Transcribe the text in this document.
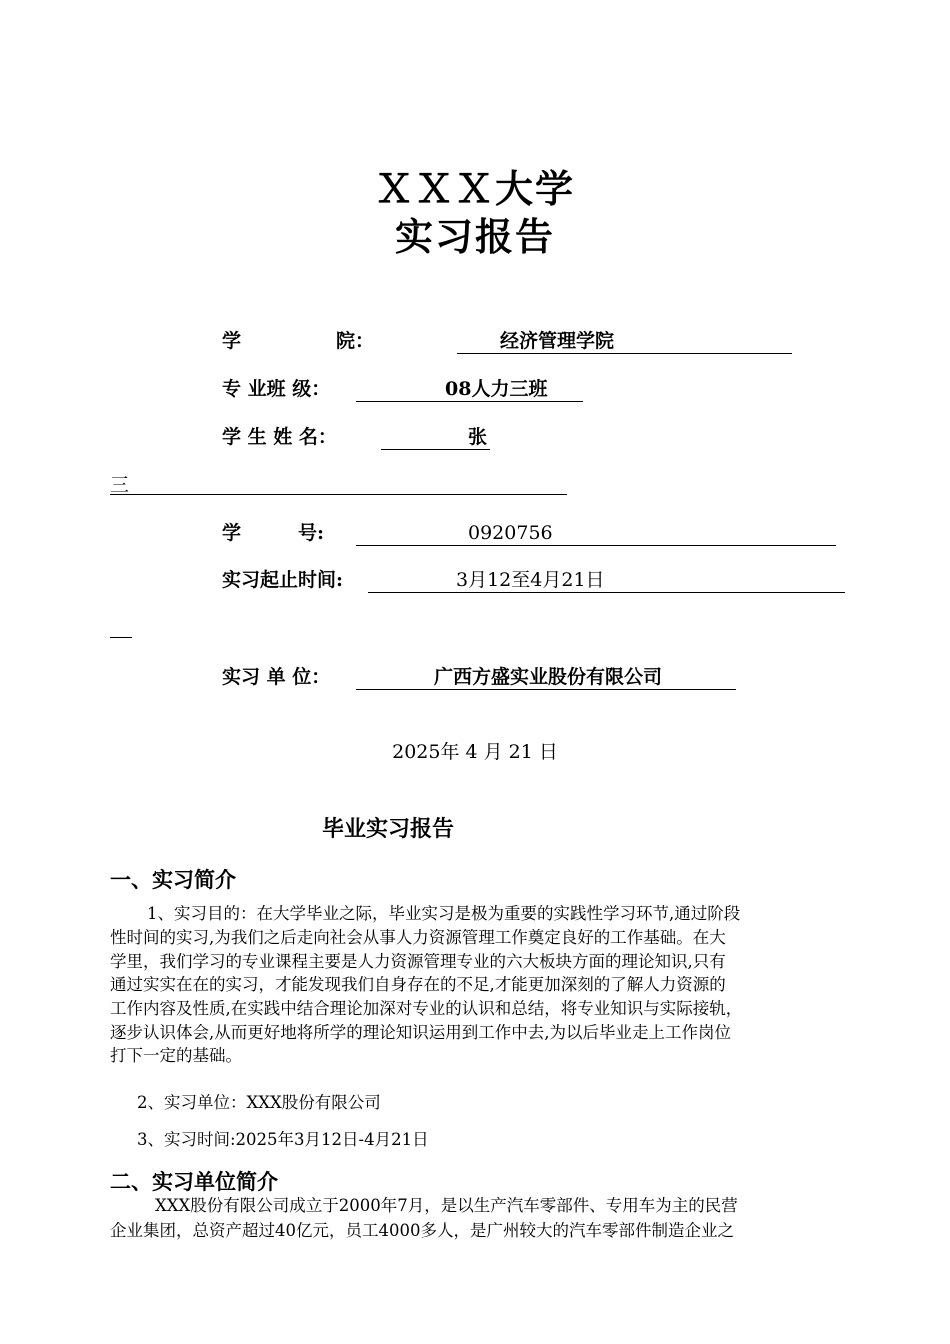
ＸＸＸ大学
实习报告
学　　　　　院：	经济管理学院
专 业班 级：	08人力三班
学 生 姓 名：	张
三
学　　　号:	0920756
实习起止时间:	3月12至4月21日
实习 单 位：	广西方盛实业股份有限公司
2025年 4 月 21 日
毕业实习报告
一、实习简介
1、实习目的：在大学毕业之际，毕业实习是极为重要的实践性学习环节,通过阶段
性时间的实习,为我们之后走向社会从事人力资源管理工作奠定良好的工作基础。在大
学里，我们学习的专业课程主要是人力资源管理专业的六大板块方面的理论知识,只有
通过实实在在的实习，才能发现我们自身存在的不足,才能更加深刻的了解人力资源的
工作内容及性质,在实践中结合理论加深对专业的认识和总结，将专业知识与实际接轨，
逐步认识体会,从而更好地将所学的理论知识运用到工作中去,为以后毕业走上工作岗位
打下一定的基础。
2、实习单位：XXX股份有限公司
3、实习时间:2025年3月12日-4月21日
二、实习单位简介
XXX股份有限公司成立于2000年7月，是以生产汽车零部件、专用车为主的民营
企业集团，总资产超过40亿元，员工4000多人，是广州较大的汽车零部件制造企业之
